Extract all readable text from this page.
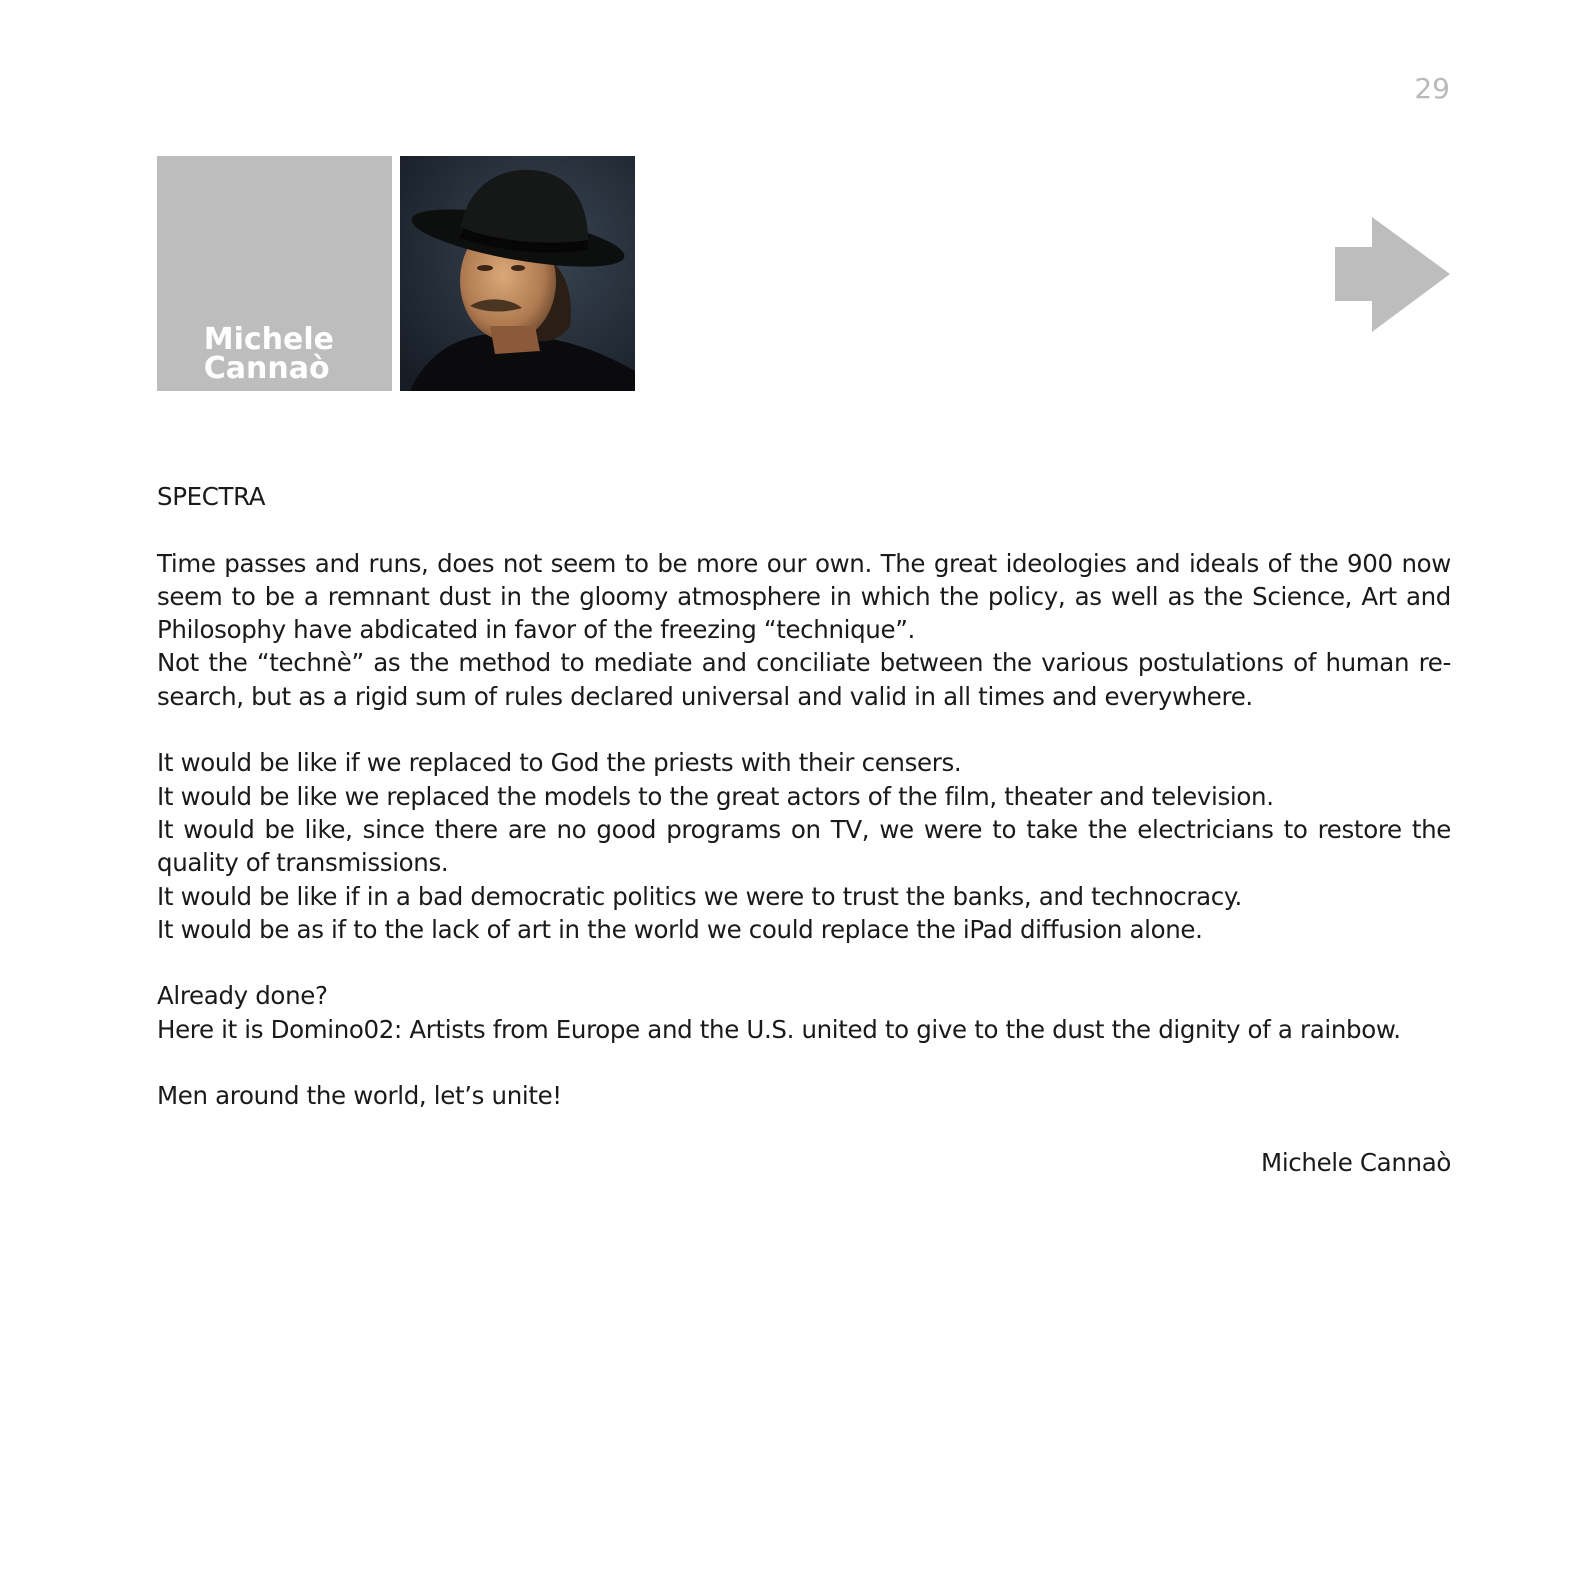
29
Michele
Cannaò

SPECTRA

Time passes and runs, does not seem to be more our own. The great ideologies and ideals of the 900 now seem to be a remnant dust in the gloomy atmosphere in which the policy, as well as the Science, Art and Philosophy have abdicated in favor of the freezing “technique”.

Not the “technè” as the method to mediate and conciliate between the various postulations of human re-search, but as a rigid sum of rules declared universal and valid in all times and everywhere.

It would be like if we replaced to God the priests with their censers.

It would be like we replaced the models to the great actors of the film, theater and television.

It would be like, since there are no good programs on TV, we were to take the electricians to restore the quality of transmissions.

It would be like if in a bad democratic politics we were to trust the banks, and technocracy.

It would be as if to the lack of art in the world we could replace the iPad diffusion alone.

Already done?

Here it is Domino02: Artists from Europe and the U.S. united to give to the dust the dignity of a rainbow.

Men around the world, let’s unite!

Michele Cannaò
